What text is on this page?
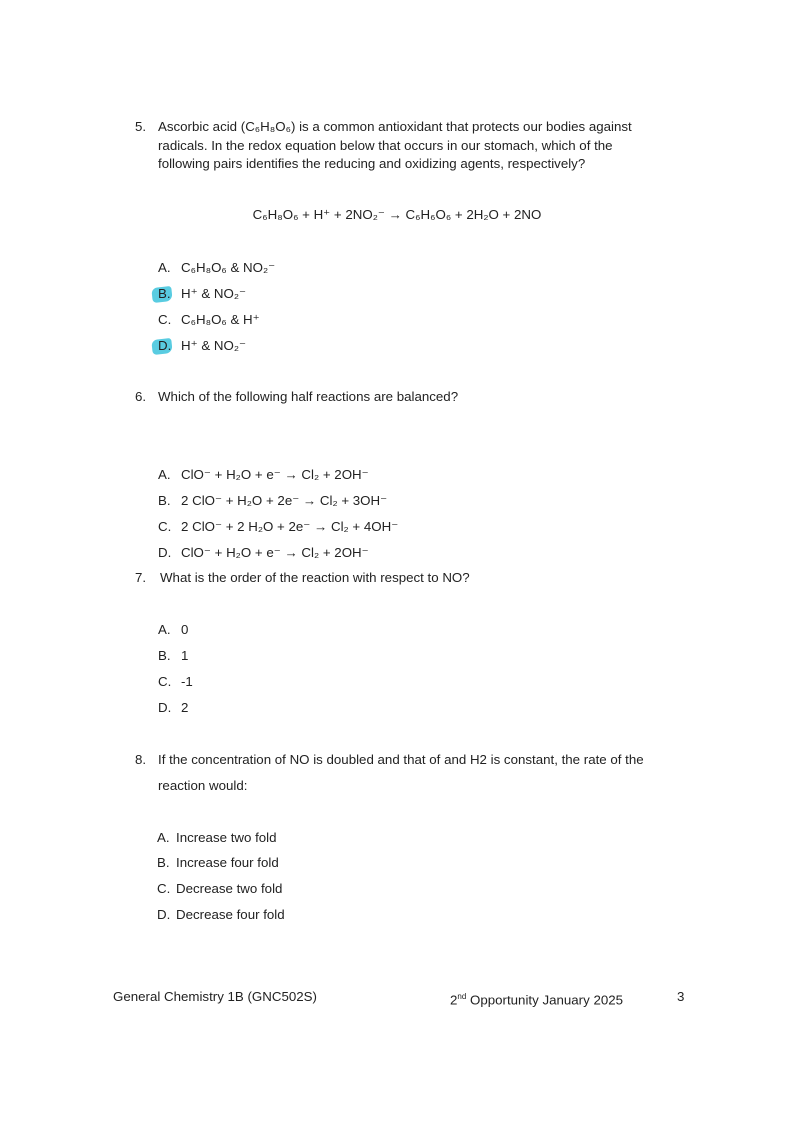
5. Ascorbic acid (C₆H₈O₆) is a common antioxidant that protects our bodies against
radicals. In the redox equation below that occurs in our stomach, which of the
following pairs identifies the reducing and oxidizing agents, respectively?
C₆H₈O₆ + H⁺ + 2NO₂⁻ → C₆H₆O₆ + 2H₂O + 2NO
A. C₆H₈O₆ & NO₂⁻
B. H⁺ & NO₂⁻
C. C₆H₈O₆ & H⁺
D. H⁺ & NO₂⁻
6. Which of the following half reactions are balanced?
A. ClO⁻ + H₂O + e⁻ → Cl₂ + 2OH⁻
B. 2 ClO⁻ + H₂O + 2e⁻ → Cl₂ + 3OH⁻
C. 2 ClO⁻ + 2 H₂O + 2e⁻ → Cl₂ + 4OH⁻
D. ClO⁻ + H₂O + e⁻ → Cl₂ + 2OH⁻
7. What is the order of the reaction with respect to NO?
A. 0
B. 1
C. -1
D. 2
8. If the concentration of NO is doubled and that of and H2 is constant, the rate of the
reaction would:
A. Increase two fold
B. Increase four fold
C. Decrease two fold
D. Decrease four fold
General Chemistry 1B (GNC502S)	2nd Opportunity January 2025	3
